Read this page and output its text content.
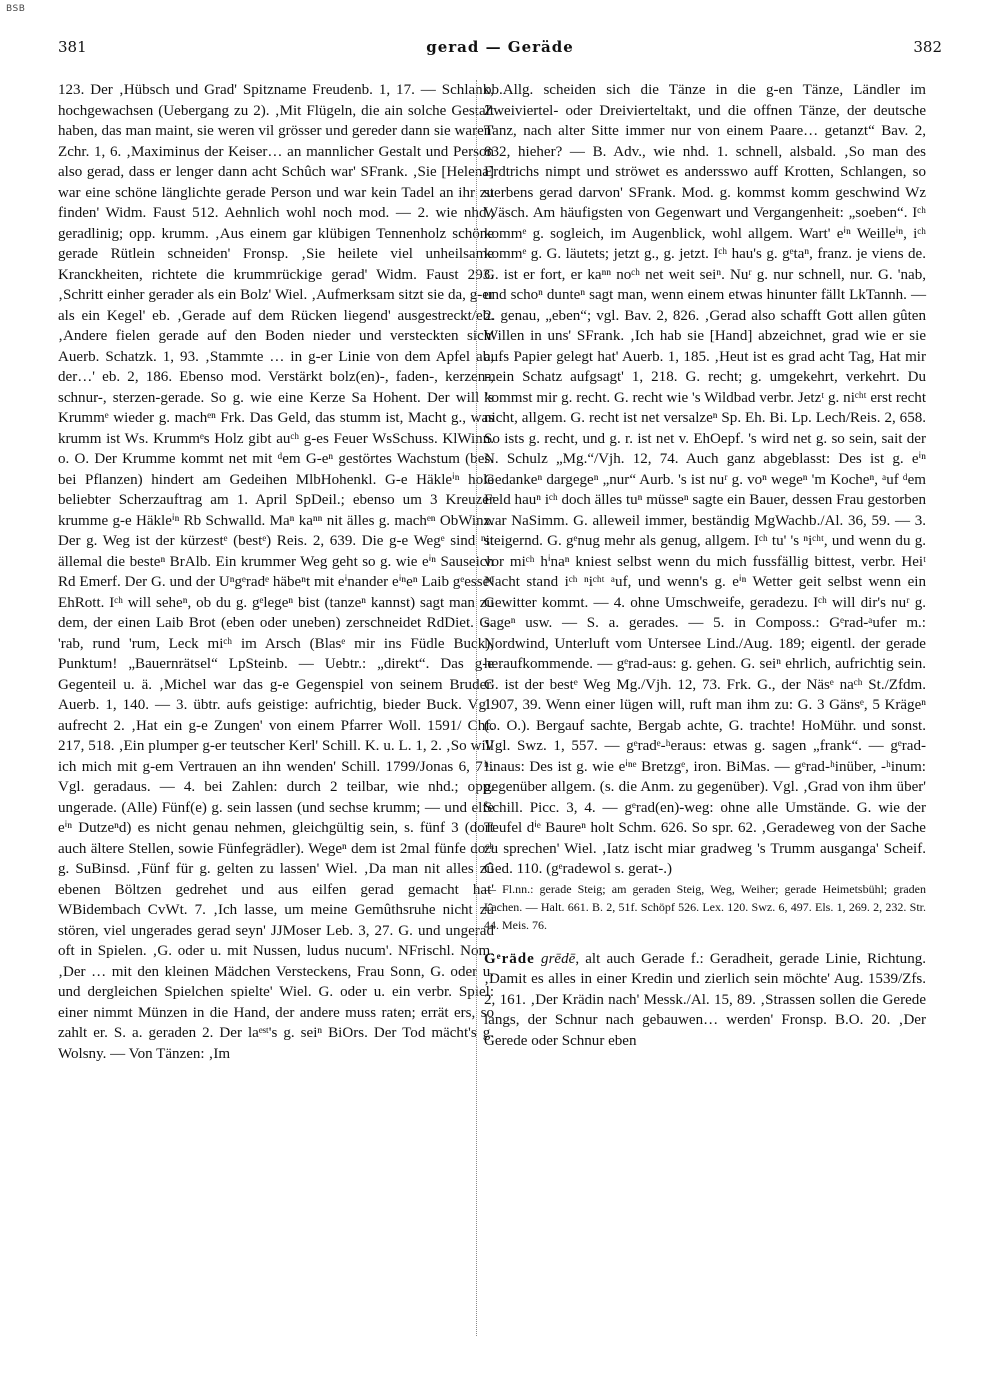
BSB
381	gerad — Geräde	382

123. Der ‚Hübsch und Grad' Spitzname Freudenb. 1, 17. — Schlank, hochgewachsen (Uebergang zu 2). ‚Mit Flügeln, die ain solche Gestalt haben, das man maint, sie weren vil grösser und gereder dann sie waren' Zchr. 1, 6. ‚Maximinus der Keiser… an mannlicher Gestalt und Person also gerad, dass er lenger dann acht Schûch war' SFrank. ‚Sie [Helena] war eine schöne länglichte gerade Person und war kein Tadel an ihr zu finden' Widm. Faust 512. Aehnlich wohl noch mod. — 2. wie nhd., geradlinig; opp. krumm. ‚Aus einem gar klübigen Tennenholz schöne gerade Rütlein schneiden' Fronsp. ‚Sie heilete viel unheilsame Kranckheiten, richtete die krummrückige gerad' Widm. Faust 293. ‚Schritt einher gerader als ein Bolz' Wiel. ‚Aufmerksam sitzt sie da, g-er als ein Kegel' eb. ‚Gerade auf dem Rücken liegend' ausgestreckt/eb. ‚Andere fielen gerade auf den Boden nieder und versteckten sich' Auerb. Schatzk. 1, 93. ‚Stammte … in g-er Linie von dem Apfel ab, der…' eb. 2, 186. Ebenso mod. Verstärkt bolz(en)-, faden-, kerzen-, schnur-, sterzen-gerade. So g. wie eine Kerze Sa Hohent. Der will 's Krummᵉ wieder g. machᵉⁿ Frk. Das Geld, das stumm ist, Macht g., was krumm ist Ws. Krummᵉs Holz gibt auᶜʰ g-es Feuer WsSchuss. KlWinn. o. O. Der Krumme kommt net mit ᵈem G-eⁿ gestörtes Wachstum (bes. bei Pflanzen) hindert am Gedeihen MlbHohenkl. G-e Häkleⁱⁿ hole beliebter Scherzauftrag am 1. April SpDeil.; ebenso um 3 Kreuzer krumme g-e Häkleⁱⁿ Rb Schwalld. Maⁿ kaⁿⁿ nit älles g. machᵉⁿ ObWinz. Der g. Weg ist der kürzestᵉ (bestᵉ) Reis. 2, 639. Die g-e Wegᵉ sind ⁿit ällemal die besteⁿ BrAlb. Ein krummer Weg geht so g. wie eⁱⁿ Sauseich Rd Emerf. Der G. und der Uⁿgᵉradᵉ häbeⁿt mit eⁱnander eⁱⁿeⁿ Laib gᵉesseⁿ EhRott. Iᶜʰ will seheⁿ, ob du g. gᵉlegeⁿ bist (tanzeⁿ kannst) sagt man zu dem, der einen Laib Brot (eben oder uneben) zerschneidet RdDiet. G. 'rab, rund 'rum, Leck miᶜʰ im Arsch (Blasᵉ mir ins Füdle Buck), Punktum! „Bauernrätsel“ LpSteinb. — Uebtr.: „direkt“. Das g-e Gegenteil u. ä. ‚Michel war das g-e Gegenspiel von seinem Bruder' Auerb. 1, 140. — 3. übtr. aufs geistige: aufrichtig, bieder Buck. Vgl. aufrecht 2. ‚Hat ein g-e Zungen' von einem Pfarrer Woll. 1591/ Chf. 217, 518. ‚Ein plumper g-er teutscher Kerl' Schill. K. u. L. 1, 2. ‚So will ich mich mit g-em Vertrauen an ihn wenden' Schill. 1799/Jonas 6, 71. Vgl. geradaus. — 4. bei Zahlen: durch 2 teilbar, wie nhd.; opp. ungerade. (Alle) Fünf(e) g. sein lassen (und sechse krumm; — und elfe eⁱⁿ Dutzeⁿd) es nicht genau nehmen, gleichgültig sein, s. fünf 3 (dort auch ältere Stellen, sowie Fünfegrädler). Wegeⁿ dem ist 2mal fünfe doᶜʰ g. SuBinsd. ‚Fünf für g. gelten zu lassen' Wiel. ‚Da man nit alles zû ebenen Böltzen gedrehet und aus eilfen gerad gemacht hat' WBidembach CvWt. 7. ‚Ich lasse, um meine Gemûthsruhe nicht zû stören, viel ungerades gerad seyn' JJMoser Leb. 3, 27. G. und ungerad oft in Spielen. ‚G. oder u. mit Nussen, ludus nucum'. NFrischl. Nom. ‚Der … mit den kleinen Mädchen Versteckens, Frau Sonn, G. oder u. und dergleichen Spielchen spielte' Wiel. G. oder u. ein verbr. Spiel: einer nimmt Münzen in die Hand, der andere muss raten; errät ers, so zahlt er. S. a. geraden 2. Der laᵉˢᵗ's g. seiⁿ BiOrs. Der Tod mächt's g. Wolsny. — Von Tänzen: ‚Im

ob.Allg. scheiden sich die Tänze in die g-en Tänze, Ländler im Zweiviertel- oder Dreivierteltakt, und die offnen Tänze, der deutsche Tanz, nach alter Sitte immer nur von einem Paare… getanzt“ Bav. 2, 832, hieher? — B. Adv., wie nhd. 1. schnell, alsbald. ‚So man des Erdtrichs nimpt und ströwet es andersswo auff Krotten, Schlangen, so sterbens gerad darvon' SFrank. Mod. g. kommst komm geschwind Wz Wäsch. Am häufigsten von Gegenwart und Vergangenheit: „soeben“. Iᶜʰ kommᵉ g. sogleich, im Augenblick, wohl allgem. Wart' eⁱⁿ Weilleⁱⁿ, iᶜʰ kommᵉ g. G. läutets; jetzt g., g. jetzt. Iᶜʰ hau's g. gᵉtaⁿ, franz. je viens de. G. ist er fort, er kaⁿⁿ noᶜʰ net weit seiⁿ. Nuʳ g. nur schnell, nur. G. 'nab, und schoⁿ dunteⁿ sagt man, wenn einem etwas hinunter fällt LkTannh. — 2. genau, „eben“; vgl. Bav. 2, 826. ‚Gerad also schafft Gott allen gûten Willen in uns' SFrank. ‚Ich hab sie [Hand] abzeichnet, grad wie er sie aufs Papier gelegt hat' Auerb. 1, 185. ‚Heut ist es grad acht Tag, Hat mir mein Schatz aufgsagt' 1, 218. G. recht; g. umgekehrt, verkehrt. Du kommst mir g. recht. G. recht wie 's Wildbad verbr. Jetzᵗ g. niᶜʰᵗ erst recht nicht, allgem. G. recht ist net versalzeⁿ Sp. Eh. Bi. Lp. Lech/Reis. 2, 658. So ists g. recht, und g. r. ist net v. EhOepf. 's wird net g. so sein, sait der N. Schulz „Mg.“/Vjh. 12, 74. Auch ganz abgeblasst: Des ist g. eⁱⁿ Gedankeⁿ dargegeⁿ „nur“ Aurb. 's ist nuʳ g. voⁿ wegeⁿ 'm Kocheⁿ, ᵃuf ᵈem Feld hauⁿ iᶜʰ doch älles tuⁿ müsseⁿ sagte ein Bauer, dessen Frau gestorben war NaSimm. G. alleweil immer, beständig MgWachb./Al. 36, 59. — 3. steigernd. G. gᵉnug mehr als genug, allgem. Iᶜʰ tu' 's ⁿiᶜʰᵗ, und wenn du g. vor miᶜʰ hⁱnaⁿ kniest selbst wenn du mich fussfällig bittest, verbr. Heiᵗ Nacht stand iᶜʰ ⁿiᶜʰᵗ ᵃuf, und wenn's g. eⁱⁿ Wetter geit selbst wenn ein Gewitter kommt. — 4. ohne Umschweife, geradezu. Iᶜʰ will dir's nuʳ g. sageⁿ usw. — S. a. gerades. — 5. in Composs.: Gᵉrad-ᵃufer m.: Nordwind, Unterluft vom Untersee Lind./Aug. 189; eigentl. der gerade heraufkommende. — gᵉrad-aus: g. gehen. G. seiⁿ ehrlich, aufrichtig sein. G. ist der bestᵉ Weg Mg./Vjh. 12, 73. Frk. G., der Näsᵉ naᶜʰ St./Zfdm. 1907, 39. Wenn einer lügen will, ruft man ihm zu: G. 3 Gänsᵉ, 5 Krägeⁿ (o. O.). Bergauf sachte, Bergab achte, G. trachte! HoMühr. und sonst. Vgl. Swz. 1, 557. — gᵉradᵉ-ʰeraus: etwas g. sagen „frank“. — gᵉrad-ʰinaus: Des ist g. wie eⁱⁿᵉ Bretzgᵉ, iron. BiMas. — gᵉrad-ʰinüber, -ʰinum: gegenüber allgem. (s. die Anm. zu gegenüber). Vgl. ‚Grad von ihm über' Schill. Picc. 3, 4. — gᵉrad(en)-weg: ohne alle Umstände. G. wie der Teufel dⁱᵉ Baureⁿ holt Schm. 626. So spr. 62. ‚Geradeweg von der Sache zu sprechen' Wiel. ‚Iatz ischt miar gradweg 's Trumm ausganga' Scheif. Ged. 110. (gᵉradewol s. gerat-.)

— Fl.nn.: gerade Steig; am geraden Steig, Weg, Weiher; gerade Heimetsbühl; graden Lachen. — Halt. 661. B. 2, 51f. Schöpf 526. Lex. 120. Swz. 6, 497. Els. 1, 269. 2, 232. Str. 44. Meis. 76.

Gᵉräde grēdē, alt auch Gerade f.: Geradheit, gerade Linie, Richtung. ‚Damit es alles in einer Kredin und zierlich sein möchte' Aug. 1539/Zfs. 2, 161. ‚Der Krädin nach' Messk./Al. 15, 89. ‚Strassen sollen die Gerede langs, der Schnur nach gebauwen… werden' Fronsp. B.O. 20. ‚Der Gerede oder Schnur eben
